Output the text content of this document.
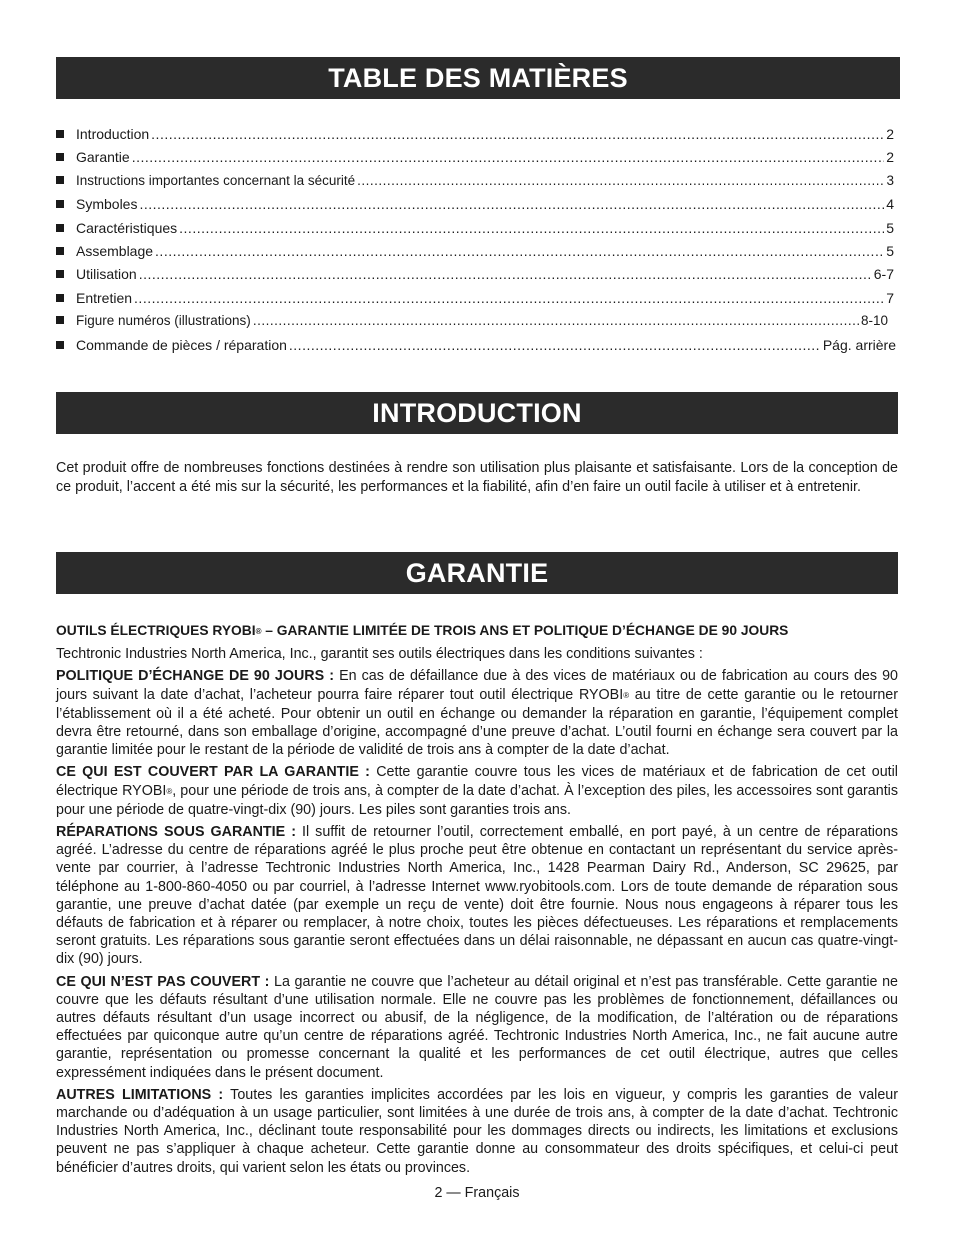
TABLE DES MATIÈRES
Introduction .....	2
Garantie .....	2
Instructions importantes concernant la sécurité .....	3
Symboles .....	4
Caractéristiques .....	5
Assemblage .....	5
Utilisation .....	6-7
Entretien .....	7
Figure numéros (illustrations) .....	8-10
Commande de pièces / réparation .....	Pág. arrière
INTRODUCTION

Cet produit offre de nombreuses fonctions destinées à rendre son utilisation plus plaisante et satisfaisante. Lors de la conception de ce produit, l’accent a été mis sur la sécurité, les performances et la fiabilité, afin d’en faire un outil facile à utiliser et à entretenir.

GARANTIE

OUTILS ÉLECTRIQUES RYOBI® – GARANTIE LIMITÉE DE TROIS ANS ET POLITIQUE D’ÉCHANGE DE 90 JOURS

Techtronic Industries North America, Inc., garantit ses outils électriques dans les conditions suivantes :

POLITIQUE D’ÉCHANGE DE 90 JOURS : En cas de défaillance due à des vices de matériaux ou de fabrication au cours des 90 jours suivant la date d’achat, l’acheteur pourra faire réparer tout outil électrique RYOBI® au titre de cette garantie ou le retourner l’établissement où il a été acheté. Pour obtenir un outil en échange ou demander la réparation en garantie, l’équipement complet devra être retourné, dans son emballage d’origine, accompagné d’une preuve d’achat. L’outil fourni en échange sera couvert par la garantie limitée pour le restant de la période de validité de trois ans à compter de la date d’achat.

CE QUI EST COUVERT PAR LA GARANTIE : Cette garantie couvre tous les vices de matériaux et de fabrication de cet outil électrique RYOBI®, pour une période de trois ans, à compter de la date d’achat. À l’exception des piles, les accessoires sont garantis pour une période de quatre-vingt-dix (90) jours. Les piles sont garanties trois ans.

RÉPARATIONS SOUS GARANTIE : Il suffit de retourner l’outil, correctement emballé, en port payé, à un centre de réparations agréé. L’adresse du centre de réparations agréé le plus proche peut être obtenue en contactant un représentant du service après-vente par courrier, à l’adresse Techtronic Industries North America, Inc., 1428 Pearman Dairy Rd., Anderson, SC 29625, par téléphone au 1-800-860-4050 ou par courriel, à l’adresse Internet www.ryobitools.com. Lors de toute demande de réparation sous garantie, une preuve d’achat datée (par exemple un reçu de vente) doit être fournie. Nous nous engageons à réparer tous les défauts de fabrication et à réparer ou remplacer, à notre choix, toutes les pièces défectueuses. Les réparations et remplacements seront gratuits. Les réparations sous garantie seront effectuées dans un délai raisonnable, ne dépassant en aucun cas quatre-vingt-dix (90) jours.

CE QUI N’EST PAS COUVERT : La garantie ne couvre que l’acheteur au détail original et n’est pas transférable. Cette garantie ne couvre que les défauts résultant d’une utilisation normale. Elle ne couvre pas les problèmes de fonctionnement, défaillances ou autres défauts résultant d’un usage incorrect ou abusif, de la négligence, de la modification, de l’altération ou de réparations effectuées par quiconque autre qu’un centre de réparations agréé. Techtronic Industries North America, Inc., ne fait aucune autre garantie, représentation ou promesse concernant la qualité et les performances de cet outil électrique, autres que celles expressément indiquées dans le présent document.

AUTRES LIMITATIONS : Toutes les garanties implicites accordées par les lois en vigueur, y compris les garanties de valeur marchande ou d’adéquation à un usage particulier, sont limitées à une durée de trois ans, à compter de la date d’achat. Techtronic Industries North America, Inc., déclinant toute responsabilité pour les dommages directs ou indirects, les limitations et exclusions peuvent ne pas s’appliquer à chaque acheteur. Cette garantie donne au consommateur des droits spécifiques, et celui-ci peut bénéficier d’autres droits, qui varient selon les états ou provinces.

2 — Français
